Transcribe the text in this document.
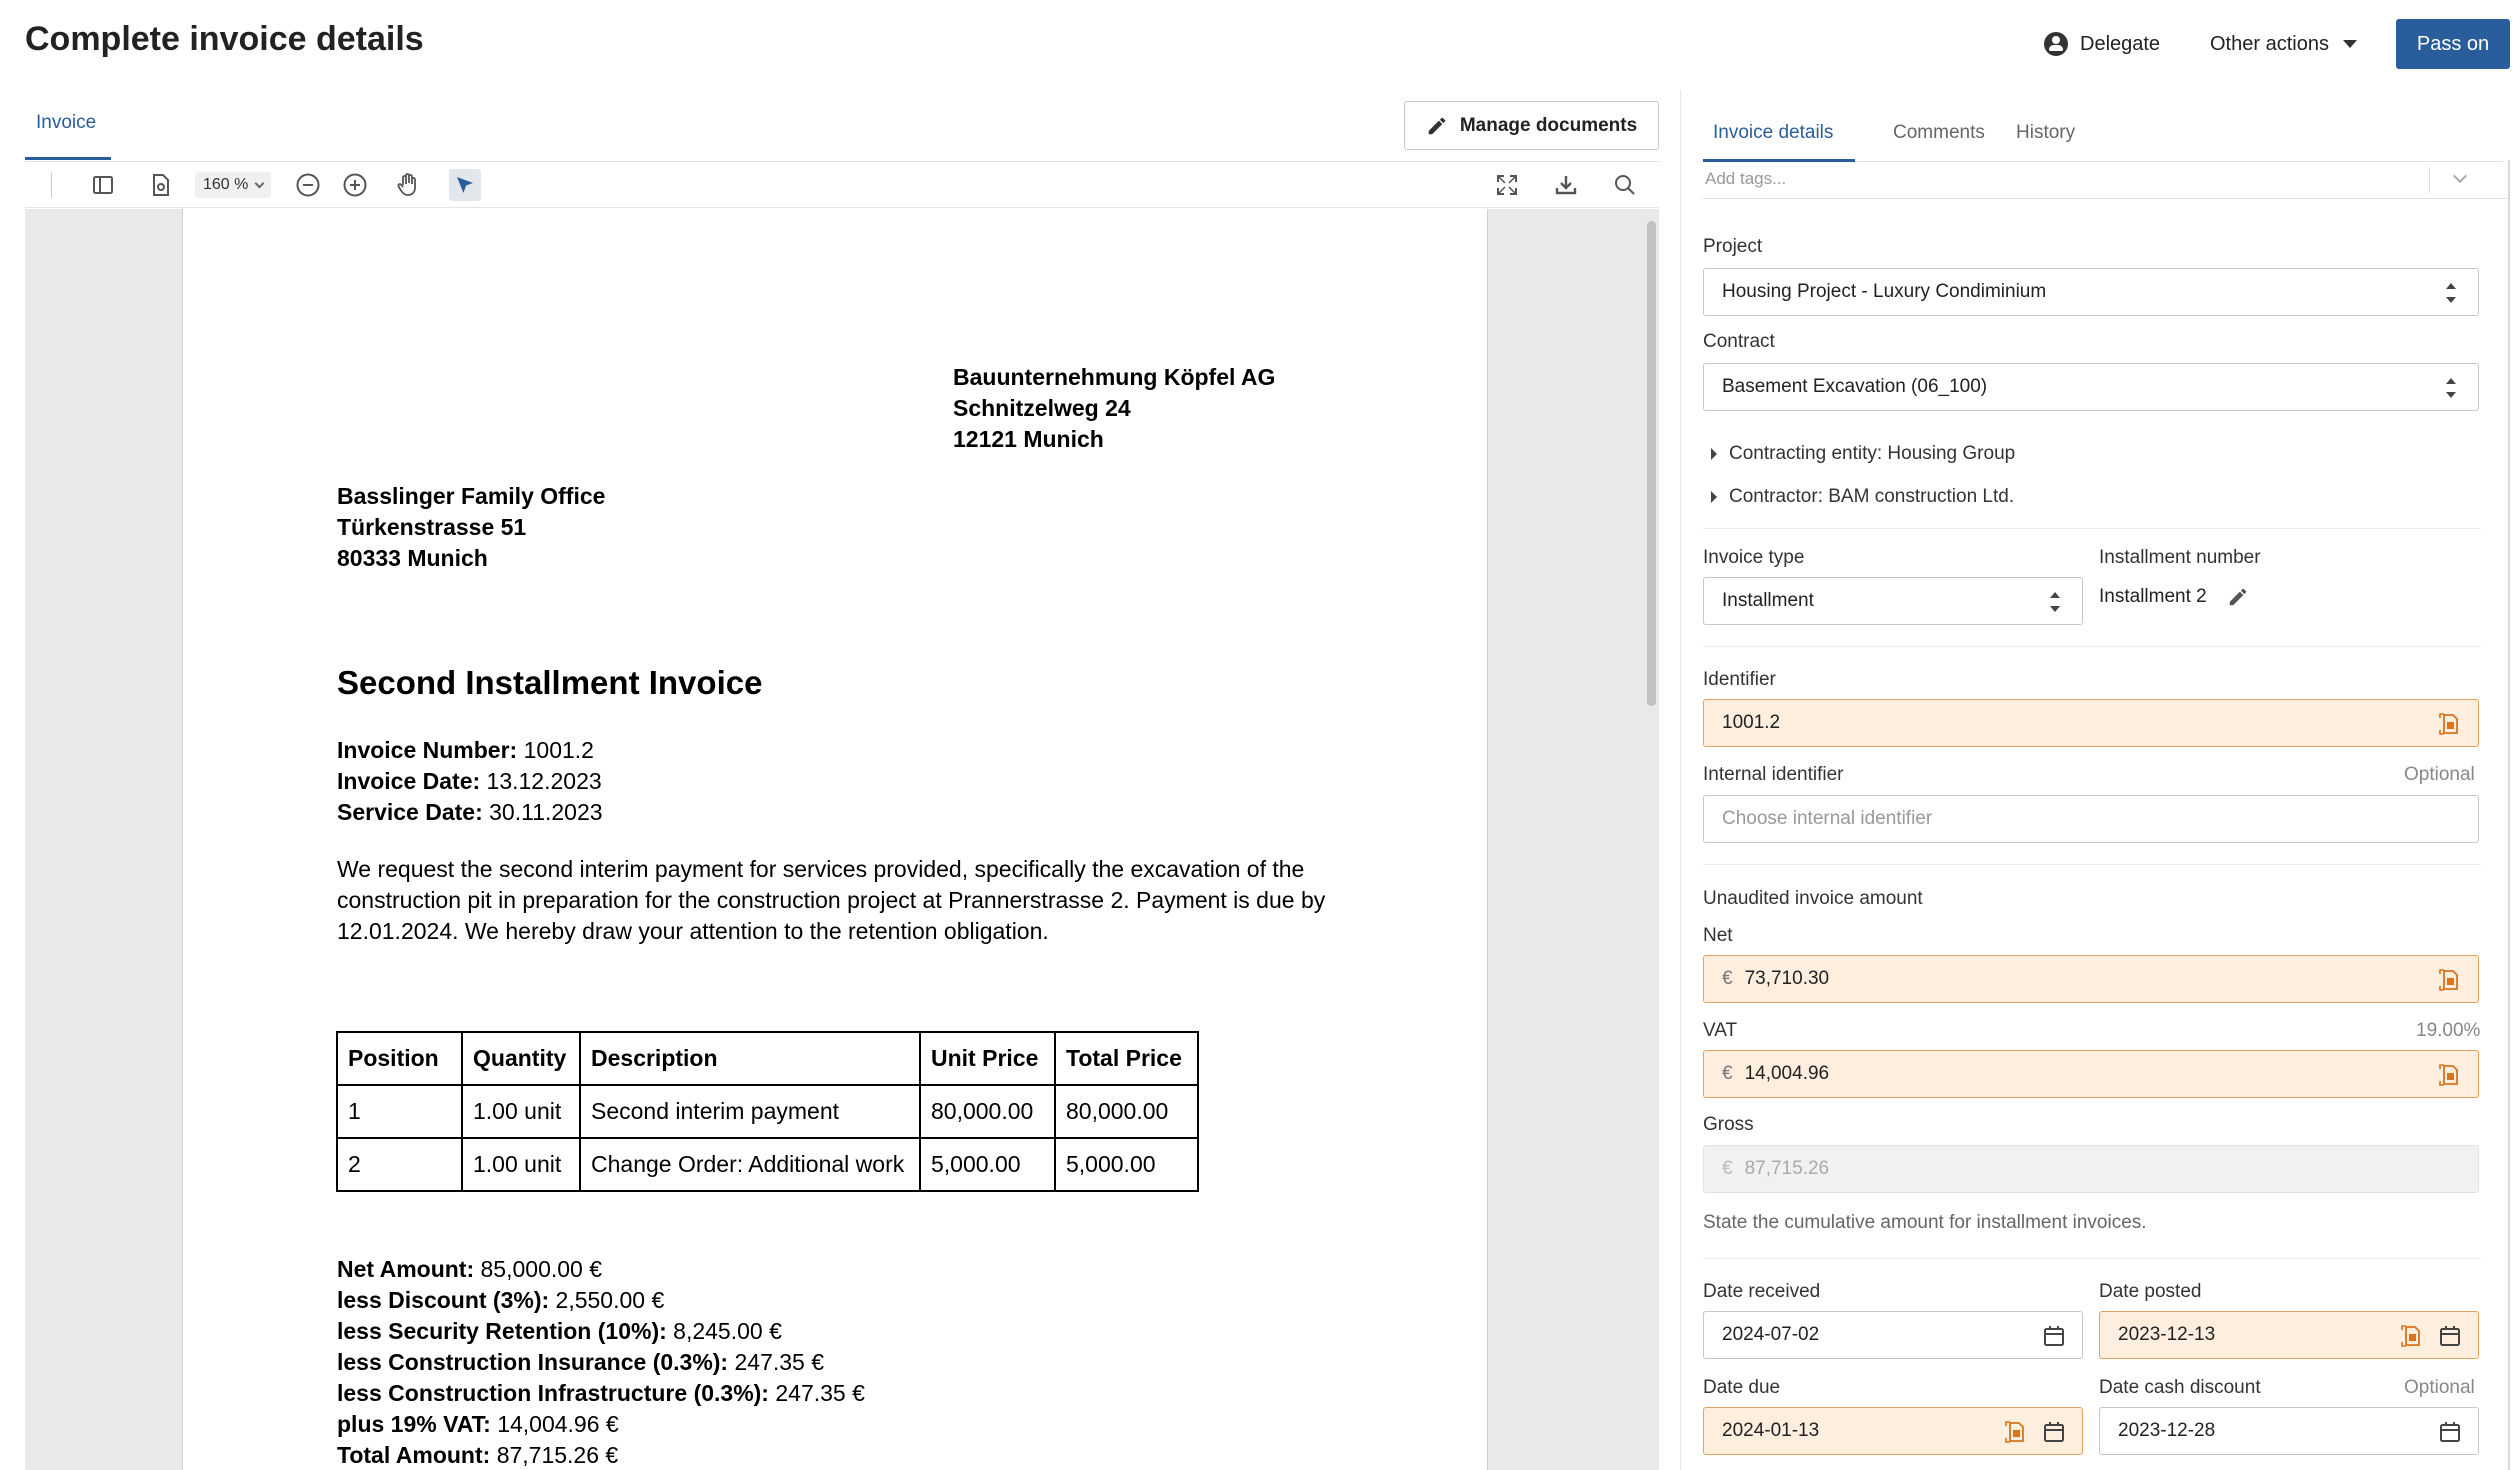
Complete invoice details	Delegate Other actions	Pass on
Invoice	Manage documents
160 %
Bauunternehmung Köpfel AG
Schnitzelweg 24
12121 Munich
Basslinger Family Office
Türkenstrasse 51
80333 Munich
Second Installment Invoice
Invoice Number: 1001.2
Invoice Date: 13.12.2023
Service Date: 30.11.2023
We request the second interim payment for services provided, specifically the excavation of the construction pit in preparation for the construction project at Prannerstrasse 2. Payment is due by 12.01.2024. We hereby draw your attention to the retention obligation.
Position	Quantity	Description	Unit Price	Total Price
1	1.00 unit	Second interim payment	80,000.00	80,000.00
2	1.00 unit	Change Order: Additional work	5,000.00	5,000.00
Net Amount: 85,000.00 €
less Discount (3%): 2,550.00 €
less Security Retention (10%): 8,245.00 €
less Construction Insurance (0.3%): 247.35 €
less Construction Infrastructure (0.3%): 247.35 €
plus 19% VAT: 14,004.96 €
Total Amount: 87,715.26 €
Invoice details	Comments History
Add tags...
Project
Housing Project - Luxury Condiminium
Contract
Basement Excavation (06_100)
Contracting entity: Housing Group
Contractor: BAM construction Ltd.
Invoice type
Installment
Installment number
Installment 2
Identifier
1001.2
Internal identifier	Optional
Choose internal identifier
Unaudited invoice amount
Net
€ 73,710.30
VAT	19.00%
€ 14,004.96
Gross
€ 87,715.26
State the cumulative amount for installment invoices.
Date received
2024-07-02
Date posted
2023-12-13
Date due
2024-01-13
Date cash discount	Optional
2023-12-28
